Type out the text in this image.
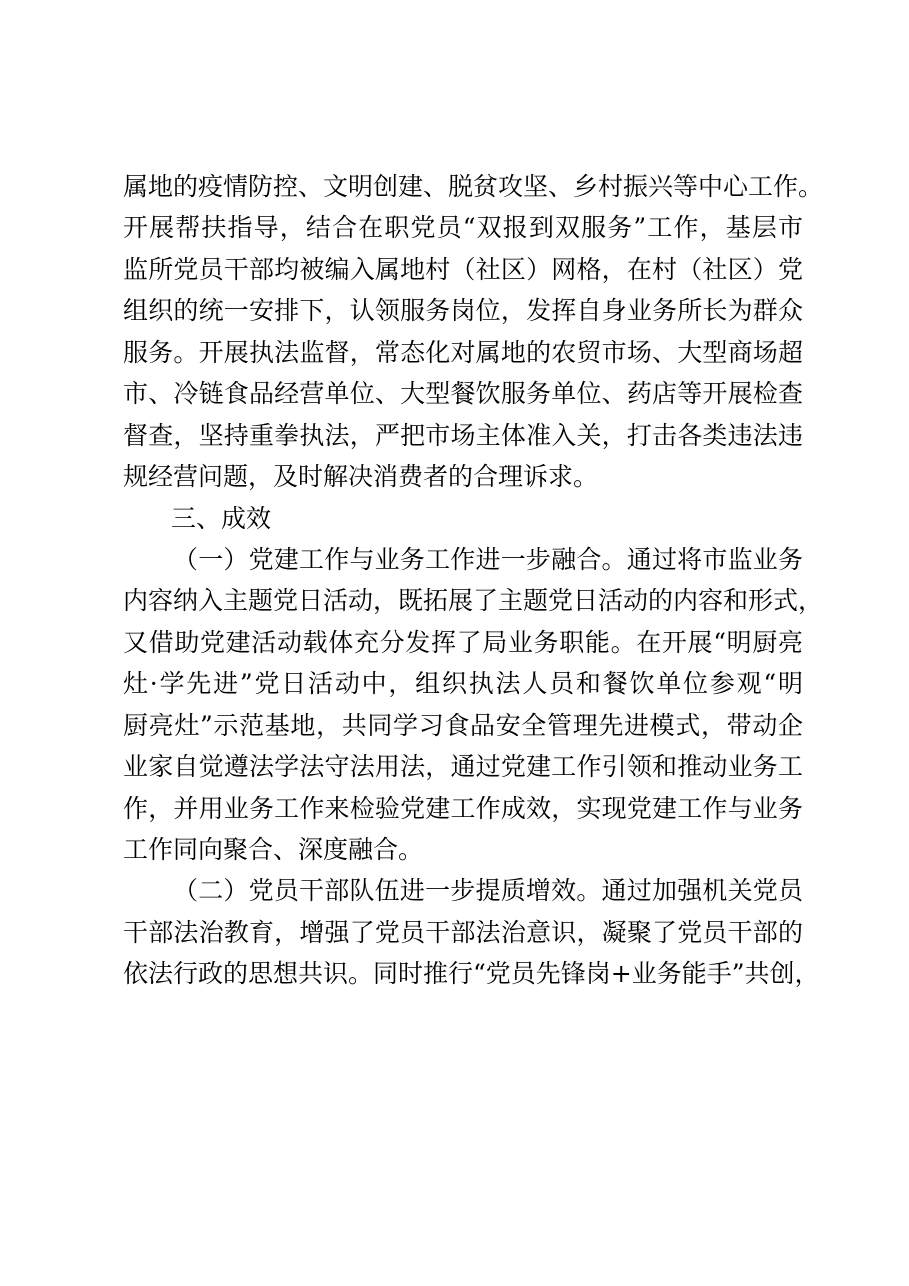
属地的疫情防控、文明创建、脱贫攻坚、乡村振兴等中心工作。
开展帮扶指导，结合在职党员“双报到双服务”工作，基层市
监所党员干部均被编入属地村（社区）网格，在村（社区）党
组织的统一安排下，认领服务岗位，发挥自身业务所长为群众
服务。开展执法监督，常态化对属地的农贸市场、大型商场超
市、冷链食品经营单位、大型餐饮服务单位、药店等开展检查
督查，坚持重拳执法，严把市场主体准入关，打击各类违法违
规经营问题，及时解决消费者的合理诉求。
三、成效
（一）党建工作与业务工作进一步融合。通过将市监业务
内容纳入主题党日活动，既拓展了主题党日活动的内容和形式，
又借助党建活动载体充分发挥了局业务职能。在开展“明厨亮
灶·学先进”党日活动中，组织执法人员和餐饮单位参观“明
厨亮灶”示范基地，共同学习食品安全管理先进模式，带动企
业家自觉遵法学法守法用法，通过党建工作引领和推动业务工
作，并用业务工作来检验党建工作成效，实现党建工作与业务
工作同向聚合、深度融合。
（二）党员干部队伍进一步提质增效。通过加强机关党员
干部法治教育，增强了党员干部法治意识，凝聚了党员干部的
依法行政的思想共识。同时推行“党员先锋岗+业务能手”共创，
